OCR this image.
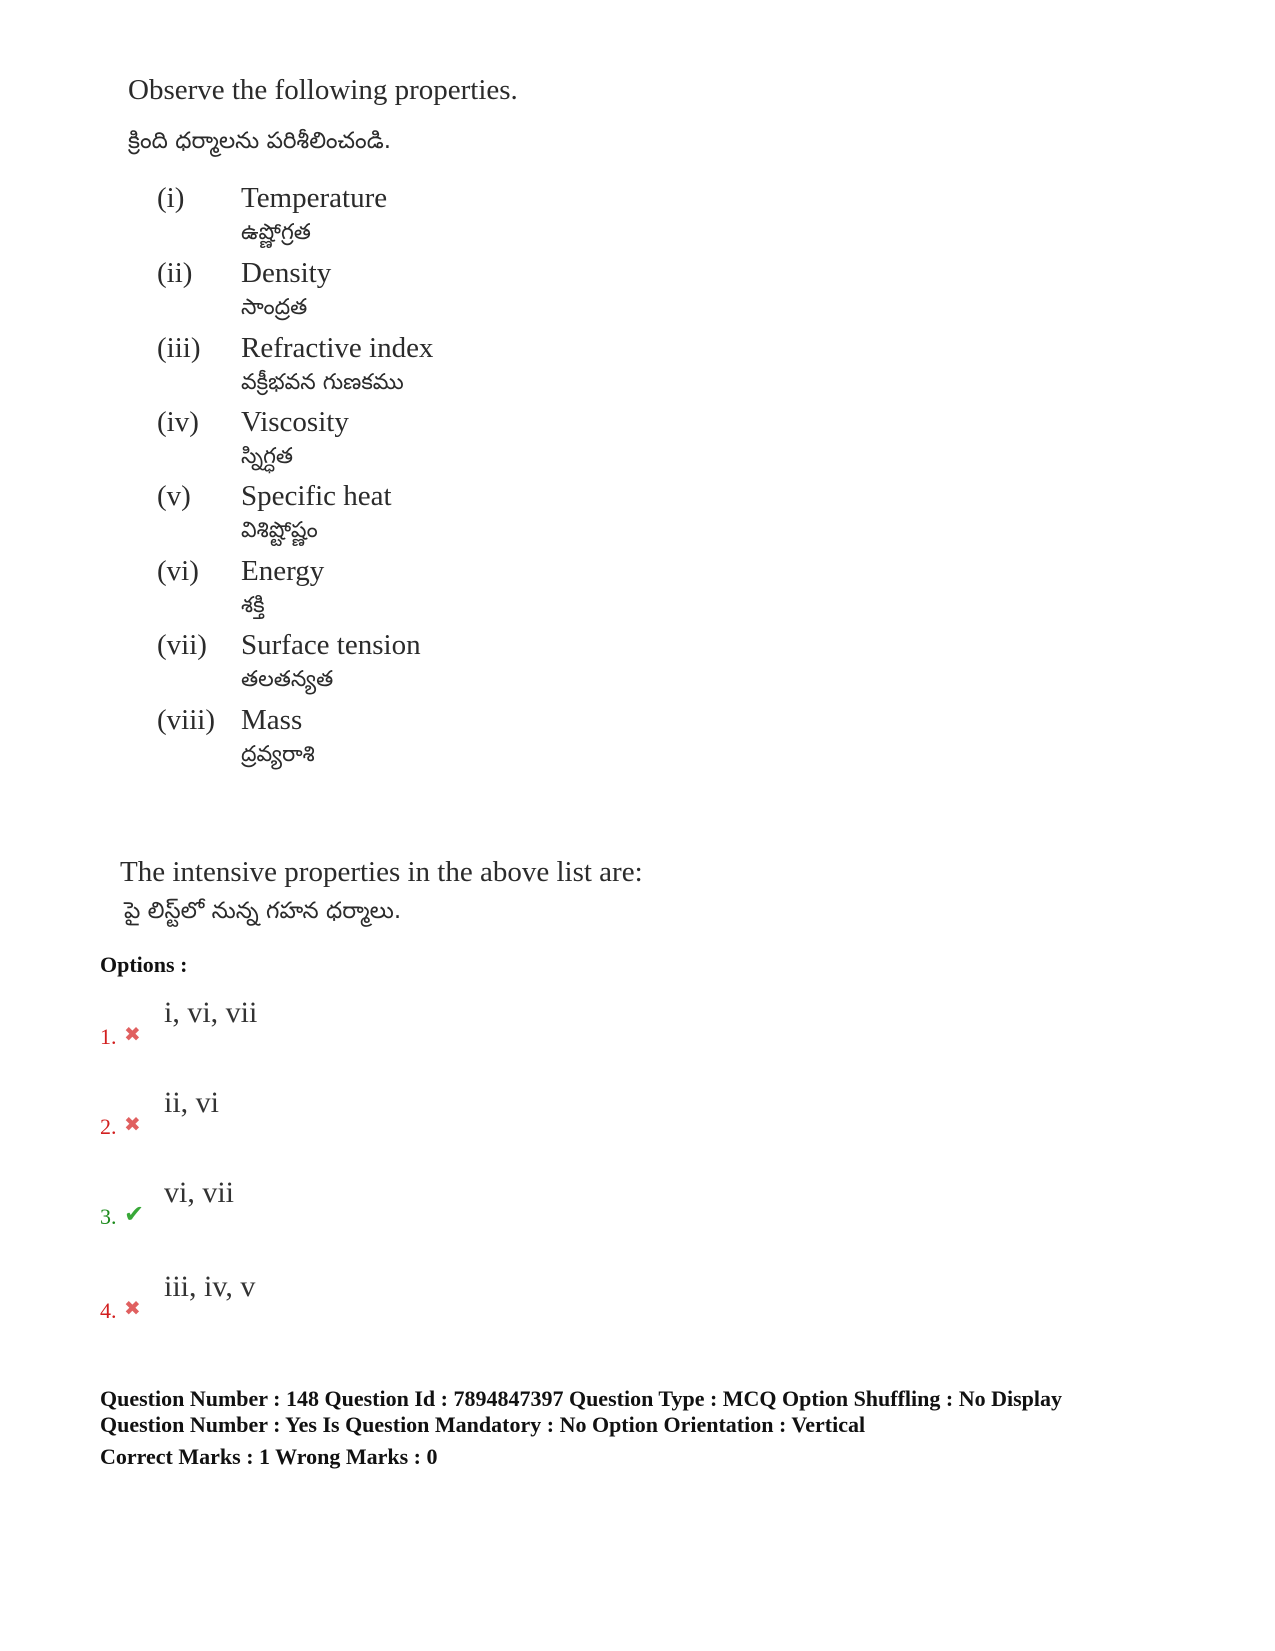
Observe the following properties.
క్రింది ధర్మాలను పరిశీలించండి.
(i) Temperature
ఉష్ణోగ్రత
(ii) Density
సాంద్రత
(iii) Refractive index
వక్రీభవన గుణకము
(iv) Viscosity
స్నిగ్ధత
(v) Specific heat
విశిష్టోష్ణం
(vi) Energy
శక్తి
(vii) Surface tension
తలతన్యత
(viii) Mass
ద్రవ్యరాశి
The intensive properties in the above list are:
పై లిస్ట్‌లో నున్న గహన ధర్మాలు.
Options :
1. ✖
i, vi, vii
2. ✖
ii, vi
3. ✔
vi, vii
4. ✖
iii, iv, v
Question Number : 148 Question Id : 7894847397 Question Type : MCQ Option Shuffling : No Display
Question Number : Yes Is Question Mandatory : No Option Orientation : Vertical
Correct Marks : 1 Wrong Marks : 0
